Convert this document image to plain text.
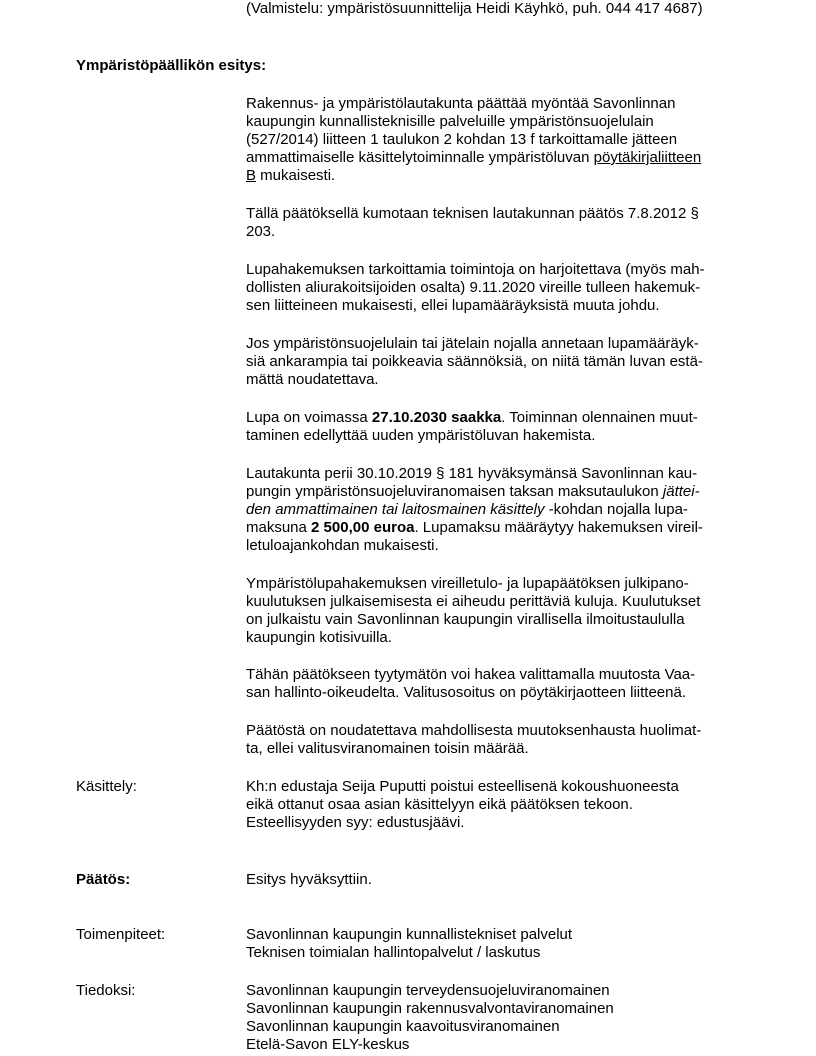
(Valmistelu: ympäristösuunnittelija Heidi Käyhkö, puh. 044 417 4687)
Ympäristöpäällikön esitys:
Rakennus- ja ympäristölautakunta päättää myöntää Savonlinnan
kaupungin kunnallisteknisille palveluille ympäristönsuojelulain
(527/2014) liitteen 1 taulukon 2 kohdan 13 f tarkoittamalle jätteen
ammattimaiselle käsittelytoiminnalle ympäristöluvan pöytäkirjaliitteen
B mukaisesti.
Tällä päätöksellä kumotaan teknisen lautakunnan päätös 7.8.2012 §
203.
Lupahakemuksen tarkoittamia toimintoja on harjoitettava (myös mah-
dollisten aliurakoitsijoiden osalta) 9.11.2020 vireille tulleen hakemuk-
sen liitteineen mukaisesti, ellei lupamääräyksistä muuta johdu.
Jos ympäristönsuojelulain tai jätelain nojalla annetaan lupamääräyk-
siä ankarampia tai poikkeavia säännöksiä, on niitä tämän luvan estä-
mättä noudatettava.
Lupa on voimassa 27.10.2030 saakka. Toiminnan olennainen muut-
taminen edellyttää uuden ympäristöluvan hakemista.
Lautakunta perii 30.10.2019 § 181 hyväksymänsä Savonlinnan kau-
pungin ympäristönsuojeluviranomaisen taksan maksutaulukon jättei-
den ammattimainen tai laitosmainen käsittely -kohdan nojalla lupa-
maksuna 2 500,00 euroa. Lupamaksu määräytyy hakemuksen vireil-
letuloajankohdan mukaisesti.
Ympäristölupahakemuksen vireilletulo- ja lupapäätöksen julkipano-
kuulutuksen julkaisemisesta ei aiheudu perittäviä kuluja. Kuulutukset
on julkaistu vain Savonlinnan kaupungin virallisella ilmoitustaululla
kaupungin kotisivuilla.
Tähän päätökseen tyytymätön voi hakea valittamalla muutosta Vaa-
san hallinto-oikeudelta. Valitusosoitus on pöytäkirjaotteen liitteenä.
Päätöstä on noudatettava mahdollisesta muutoksenhausta huolimat-
ta, ellei valitusviranomainen toisin määrää.
Käsittely:	Kh:n edustaja Seija Puputti poistui esteellisenä kokoushuoneesta
eikä ottanut osaa asian käsittelyyn eikä päätöksen tekoon.
Esteellisyyden syy: edustusjäävi.
Päätös:	Esitys hyväksyttiin.
Toimenpiteet:	Savonlinnan kaupungin kunnallistekniset palvelut
Teknisen toimialan hallintopalvelut / laskutus
Tiedoksi:	Savonlinnan kaupungin terveydensuojeluviranomainen
Savonlinnan kaupungin rakennusvalvontaviranomainen
Savonlinnan kaupungin kaavoitusviranomainen
Etelä-Savon ELY-keskus
